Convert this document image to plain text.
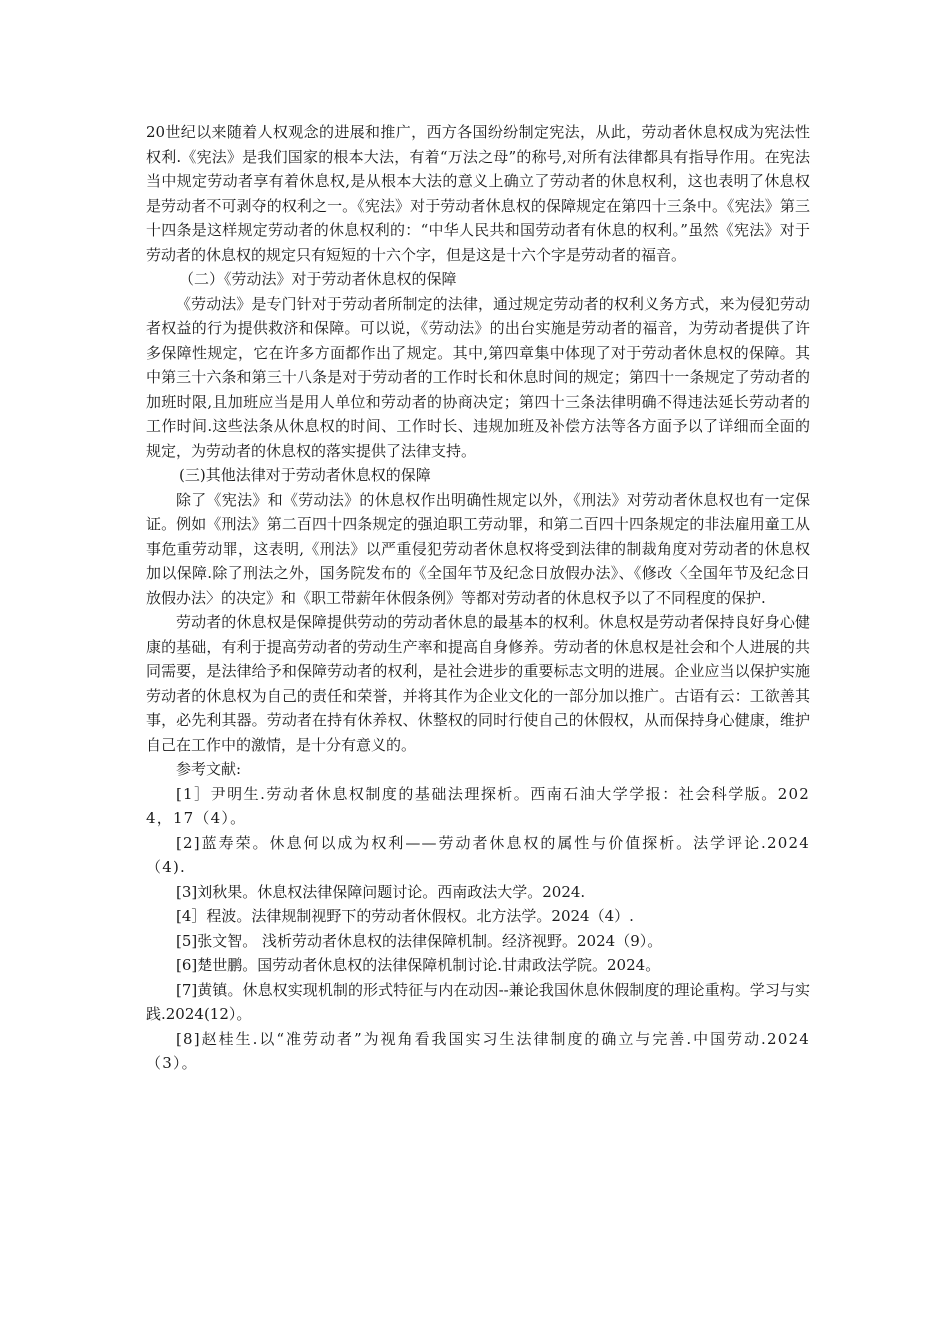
20世纪以来随着人权观念的进展和推广，西方各国纷纷制定宪法，从此，劳动者休息权成为宪法性权利.《宪法》是我们国家的根本大法，有着“万法之母”的称号,对所有法律都具有指导作用。在宪法当中规定劳动者享有着休息权,是从根本大法的意义上确立了劳动者的休息权利，这也表明了休息权是劳动者不可剥夺的权利之一。《宪法》对于劳动者休息权的保障规定在第四十三条中。《宪法》第三十四条是这样规定劳动者的休息权利的：“中华人民共和国劳动者有休息的权利。”虽然《宪法》对于劳动者的休息权的规定只有短短的十六个字，但是这是十六个字是劳动者的福音。

（二）《劳动法》对于劳动者休息权的保障

《劳动法》是专门针对于劳动者所制定的法律，通过规定劳动者的权利义务方式，来为侵犯劳动者权益的行为提供救济和保障。可以说，《劳动法》的出台实施是劳动者的福音，为劳动者提供了许多保障性规定，它在许多方面都作出了规定。其中,第四章集中体现了对于劳动者休息权的保障。其中第三十六条和第三十八条是对于劳动者的工作时长和休息时间的规定；第四十一条规定了劳动者的加班时限,且加班应当是用人单位和劳动者的协商决定；第四十三条法律明确不得违法延长劳动者的工作时间.这些法条从休息权的时间、工作时长、违规加班及补偿方法等各方面予以了详细而全面的规定，为劳动者的休息权的落实提供了法律支持。

(三)其他法律对于劳动者休息权的保障

除了《宪法》和《劳动法》的休息权作出明确性规定以外，《刑法》对劳动者休息权也有一定保证。例如《刑法》第二百四十四条规定的强迫职工劳动罪，和第二百四十四条规定的非法雇用童工从事危重劳动罪，这表明,《刑法》以严重侵犯劳动者休息权将受到法律的制裁角度对劳动者的休息权加以保障.除了刑法之外，国务院发布的《全国年节及纪念日放假办法》、《修改〈全国年节及纪念日放假办法〉的决定》和《职工带薪年休假条例》等都对劳动者的休息权予以了不同程度的保护.

劳动者的休息权是保障提供劳动的劳动者休息的最基本的权利。休息权是劳动者保持良好身心健康的基础，有利于提高劳动者的劳动生产率和提高自身修养。劳动者的休息权是社会和个人进展的共同需要，是法律给予和保障劳动者的权利，是社会进步的重要标志文明的进展。企业应当以保护实施劳动者的休息权为自己的责任和荣誉，并将其作为企业文化的一部分加以推广。古语有云：工欲善其事，必先利其器。劳动者在持有休养权、休整权的同时行使自己的休假权，从而保持身心健康，维护自己在工作中的激情，是十分有意义的。

参考文献:

[1］尹明生.劳动者休息权制度的基础法理探析。西南石油大学学报：社会科学版。2024，17（4）。

[2]蓝寿荣。休息何以成为权利——劳动者休息权的属性与价值探析。法学评论.2024（4).

[3]刘秋果。休息权法律保障问题讨论。西南政法大学。2024.

[4］程波。法律规制视野下的劳动者休假权。北方法学。2024（4）.

[5]张文智。 浅析劳动者休息权的法律保障机制。经济视野。2024（9）。

[6]楚世鹏。国劳动者休息权的法律保障机制讨论.甘肃政法学院。2024。

[7]黄镇。休息权实现机制的形式特征与内在动因--兼论我国休息休假制度的理论重构。学习与实践.2024(12）。

[8]赵桂生.以“准劳动者”为视角看我国实习生法律制度的确立与完善.中国劳动.2024（3）。
